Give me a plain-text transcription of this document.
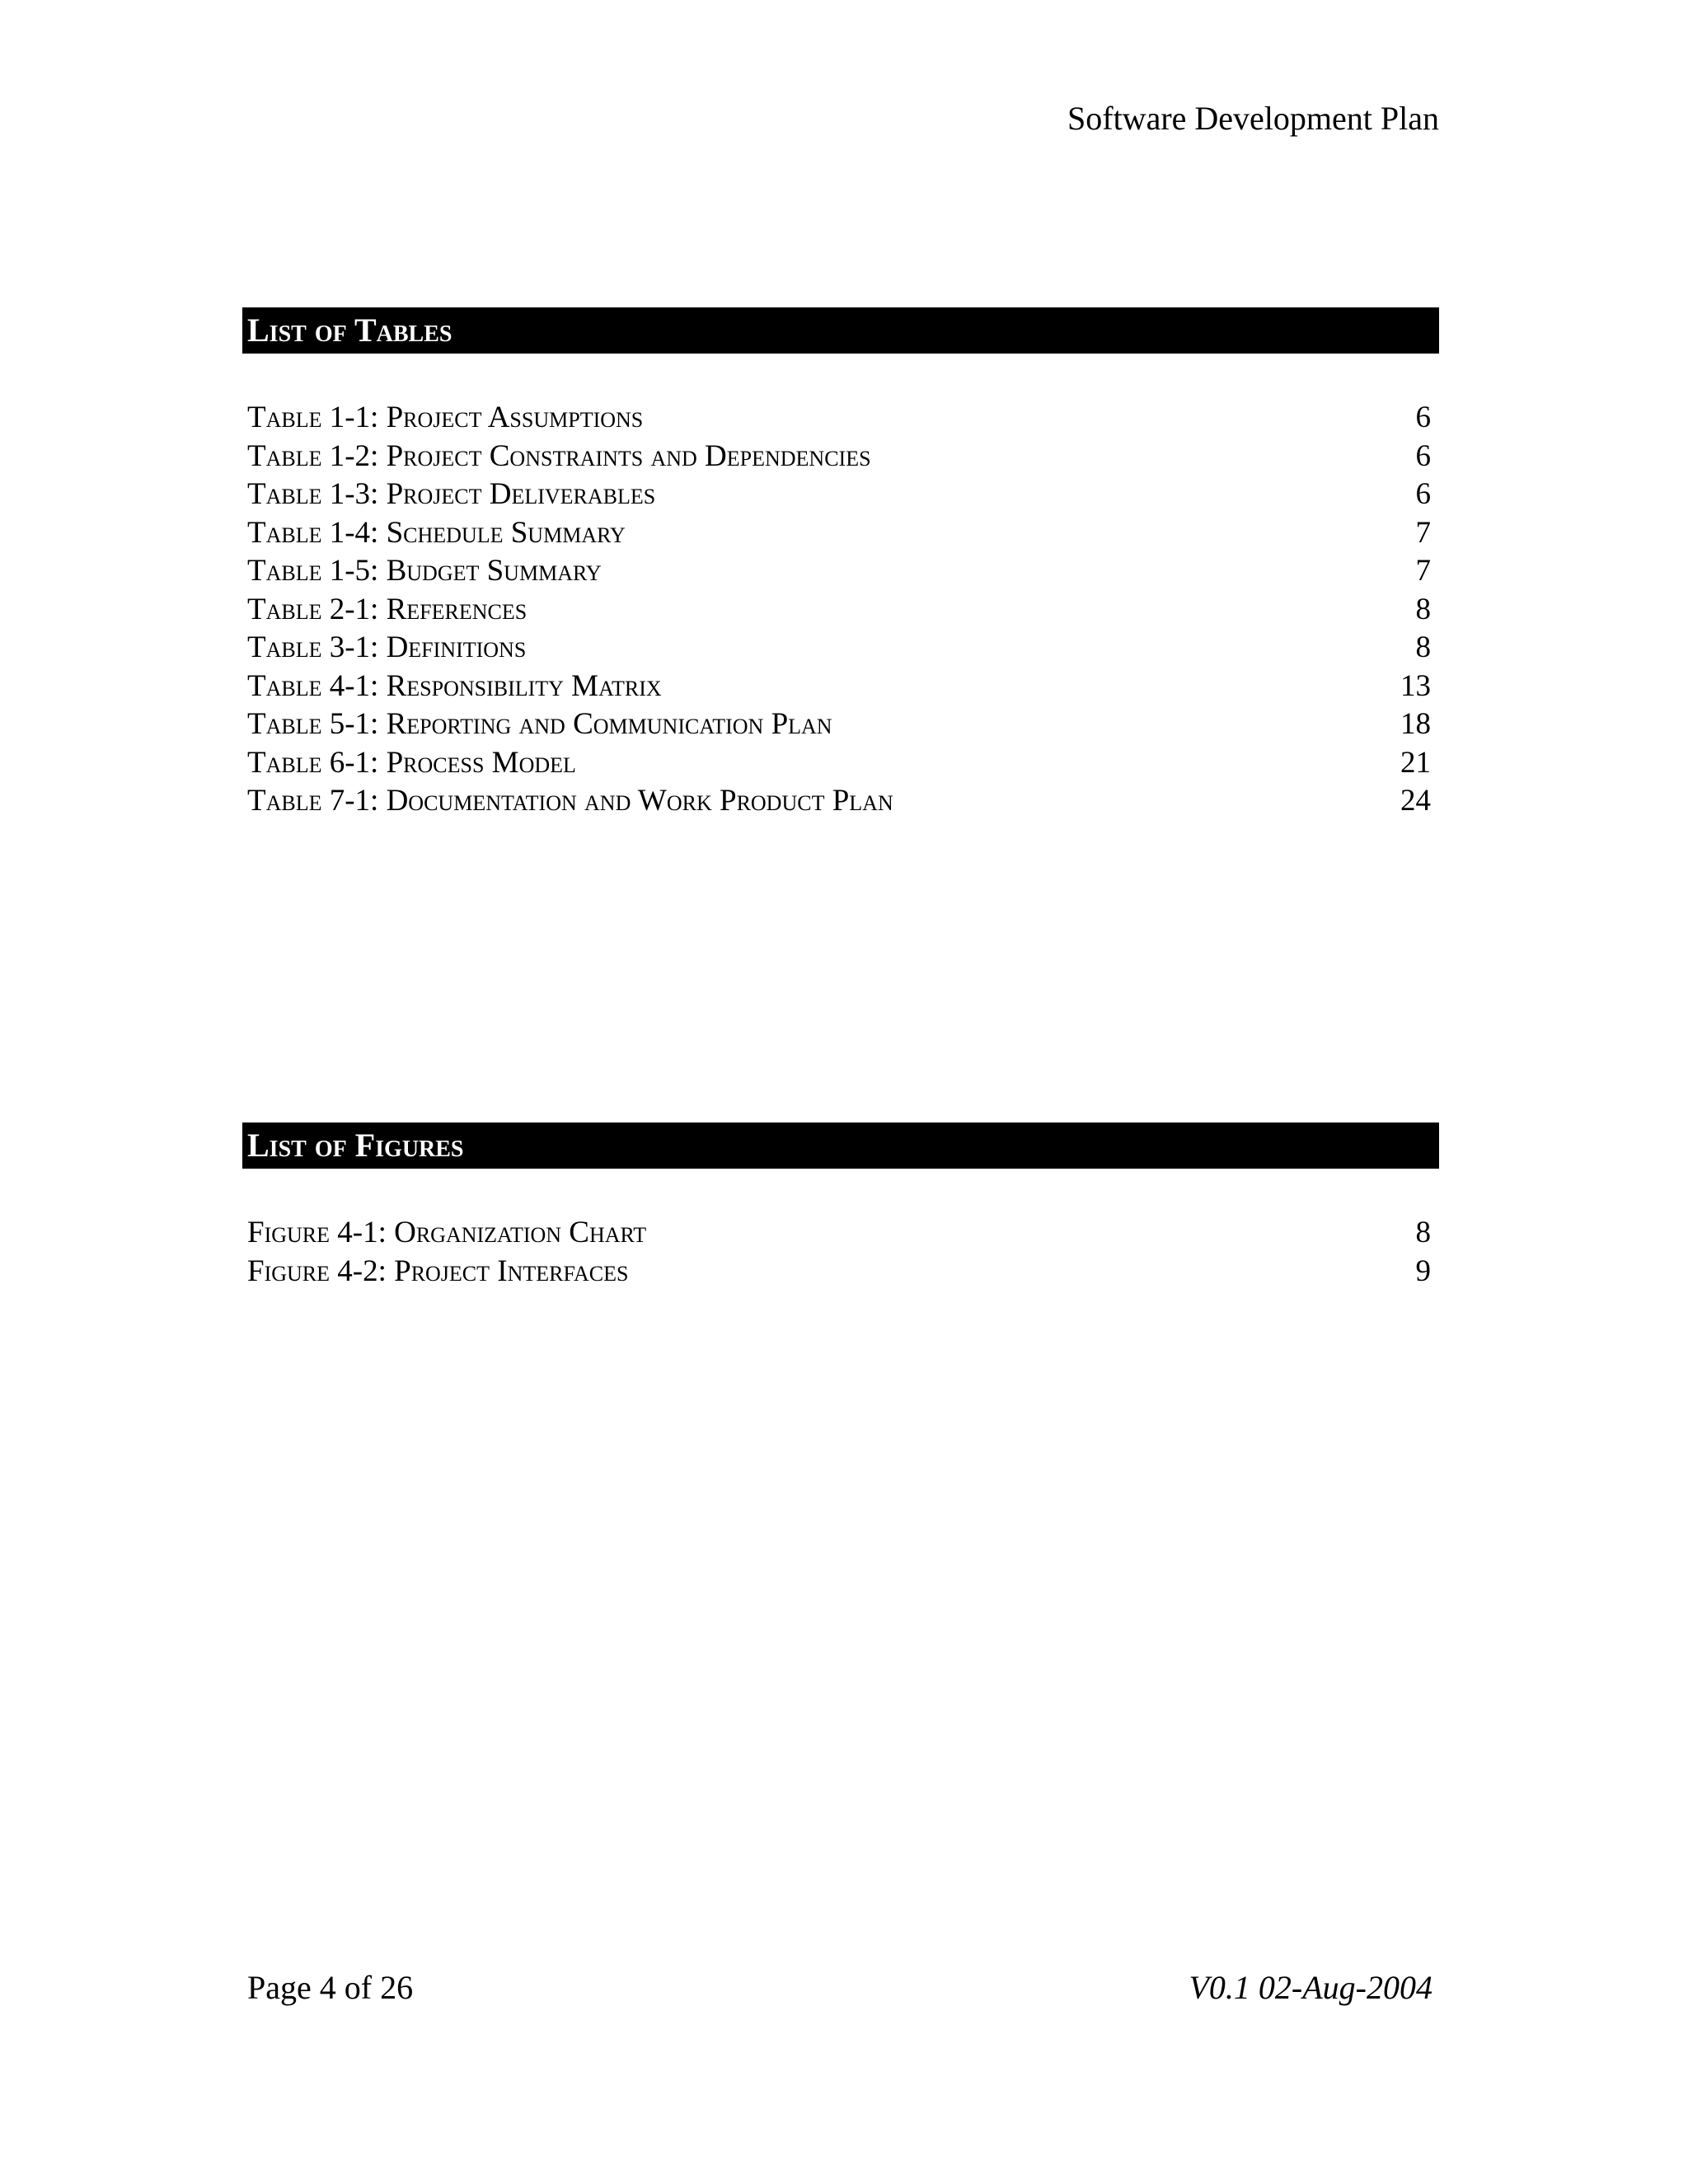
Software Development Plan
List of Tables
Table 1-1: Project Assumptions	6
Table 1-2: Project Constraints and Dependencies	6
Table 1-3: Project Deliverables	6
Table 1-4: Schedule Summary	7
Table 1-5: Budget Summary	7
Table 2-1: References	8
Table 3-1: Definitions	8
Table 4-1: Responsibility Matrix	13
Table 5-1: Reporting and Communication Plan	18
Table 6-1: Process Model	21
Table 7-1: Documentation and Work Product Plan	24
List of Figures
Figure 4-1: Organization Chart	8
Figure 4-2: Project Interfaces	9
Page 4 of 26	V0.1 02-Aug-2004
